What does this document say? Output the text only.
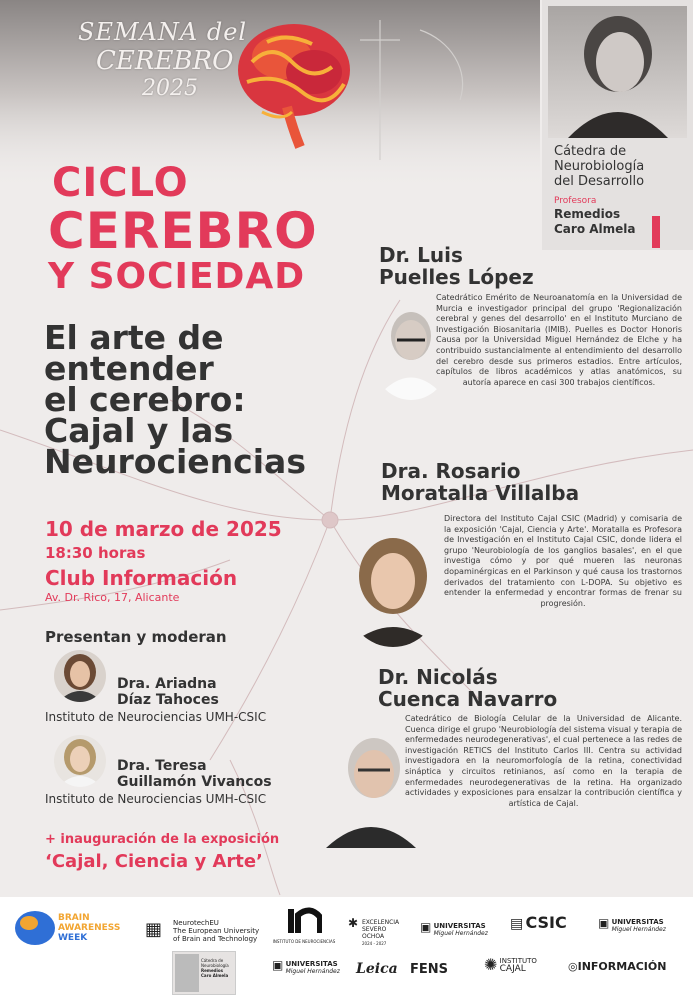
SEMANA del
CEREBRO
2025
Cátedra de
Neurobiología
del Desarrollo
Profesora
Remedios
Caro Almela
CICLO
CEREBRO
Y SOCIEDAD
El arte de
entender
el cerebro:
Cajal y las
Neurociencias
10 de marzo de 2025
18:30 horas
Club Información
Av. Dr. Rico, 17, Alicante
Presentan y moderan
Dra. Ariadna
Díaz Tahoces
Instituto de Neurociencias UMH-CSIC
Dra. Teresa
Guillamón Vivancos
Instituto de Neurociencias UMH-CSIC
+ inauguración de la exposición
‘Cajal, Ciencia y Arte’
Dr. Luis
Puelles López
Catedrático Emérito de Neuroanatomía en la Universidad de Murcia e investigador principal del grupo 'Regionalización cerebral y genes del desarrollo' en el Instituto Murciano de Investigación Biosanitaria (IMIB). Puelles es Doctor Honoris Causa por la Universidad Miguel Hernández de Elche y ha contribuido sustancialmente al entendimiento del desarrollo del cerebro desde sus primeros estadios. Entre artículos, capítulos de libros académicos y atlas anatómicos, su autoría aparece en casi 300 trabajos científicos.
Dra. Rosario
Moratalla Villalba
Directora del Instituto Cajal CSIC (Madrid) y comisaria de la exposición 'Cajal, Ciencia y Arte'. Moratalla es Profesora de Investigación en el Instituto Cajal CSIC, donde lidera el grupo 'Neurobiología de los ganglios basales', en el que investiga cómo y por qué mueren las neuronas dopaminérgicas en el Parkinson y qué causa los trastornos derivados del tratamiento con L-DOPA. Su objetivo es entender la enfermedad y encontrar formas de frenar su progresión.
Dr. Nicolás
Cuenca Navarro
Catedrático de Biología Celular de la Universidad de Alicante. Cuenca dirige el grupo 'Neurobiología del sistema visual y terapia de enfermedades neurodegenerativas', el cual pertenece a las redes de investigación RETICS del Instituto Carlos III. Centra su actividad investigadora en la neuromorfología de la retina, conectividad sináptica y circuitos retinianos, así como en la terapia de enfermedades neurodegenerativas de la retina. Ha organizado actividades y exposiciones para ensalzar la contribución científica y artística de Cajal.
BRAIN
AWARENESS
WEEK	▦ NeurotechEU
The European University
of Brain and Technology	INSTITUTO DE NEUROCIENCIAS
✱ EXCELENCIA
SEVERO
OCHOA
2024 - 2027
▣ UNIVERSITAS
Miguel Hernández
▤ CSIC	▣ UNIVERSITAS
Miguel Hernández
Cátedra de
Neurobiología
Remedios
Caro Almela
▣ UNIVERSITAS
Miguel Hernández Leica FENS ✺ INSTITUTO
CAJAL	◎INFORMACIÓN
